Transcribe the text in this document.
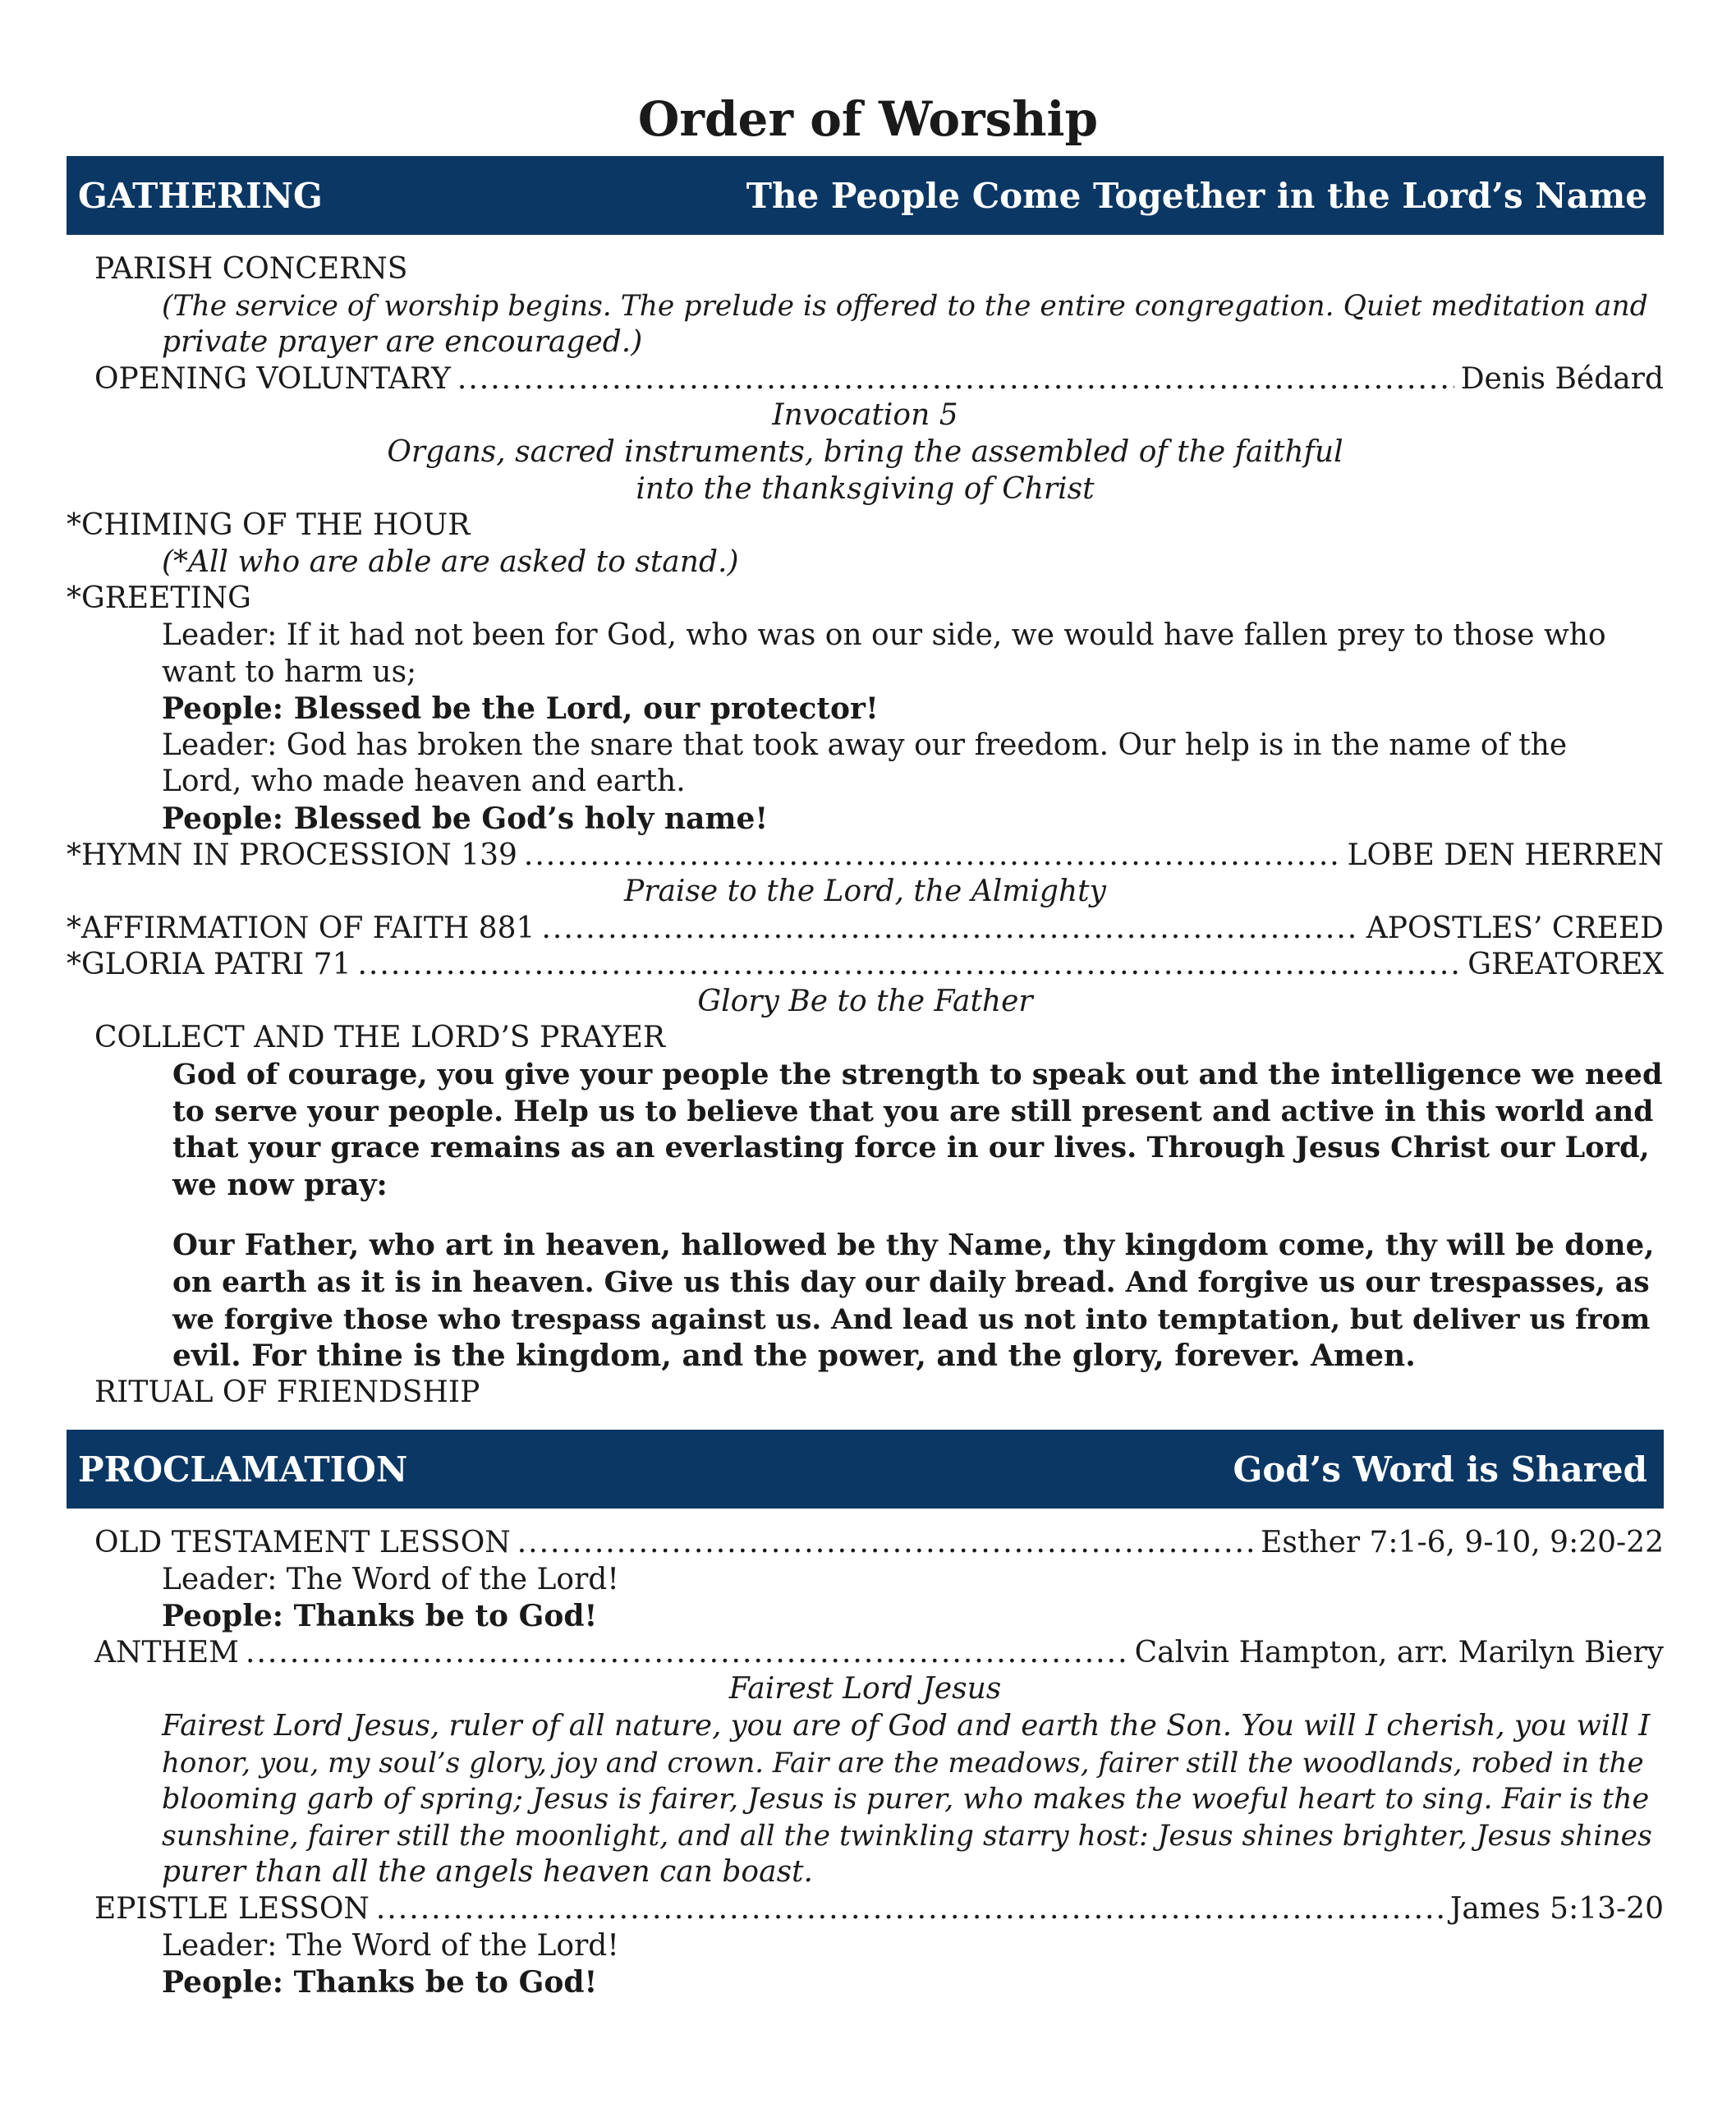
Order of Worship
GATHERING	The People Come Together in the Lord’s Name
PARISH CONCERNS
(The service of worship begins. The prelude is offered to the entire congregation. Quiet meditation and
private prayer are encouraged.)
OPENING VOLUNTARY .....	Denis Bédard
Invocation 5
Organs, sacred instruments, bring the assembled of the faithful
into the thanksgiving of Christ
*CHIMING OF THE HOUR
(*All who are able are asked to stand.)
*GREETING
Leader: If it had not been for God, who was on our side, we would have fallen prey to those who
want to harm us;
People: Blessed be the Lord, our protector!
Leader: God has broken the snare that took away our freedom. Our help is in the name of the
Lord, who made heaven and earth.
People: Blessed be God’s holy name!
*HYMN IN PROCESSION 139 .....	LOBE DEN HERREN
Praise to the Lord, the Almighty
*AFFIRMATION OF FAITH 881 .....	APOSTLES’ CREED
*GLORIA PATRI 71 .....	GREATOREX
Glory Be to the Father
COLLECT AND THE LORD’S PRAYER
God of courage, you give your people the strength to speak out and the intelligence we need
to serve your people. Help us to believe that you are still present and active in this world and
that your grace remains as an everlasting force in our lives. Through Jesus Christ our Lord,
we now pray:
Our Father, who art in heaven, hallowed be thy Name, thy kingdom come, thy will be done,
on earth as it is in heaven. Give us this day our daily bread. And forgive us our trespasses, as
we forgive those who trespass against us. And lead us not into temptation, but deliver us from
evil. For thine is the kingdom, and the power, and the glory, forever. Amen.
RITUAL OF FRIENDSHIP
PROCLAMATION	God’s Word is Shared
OLD TESTAMENT LESSON .....	Esther 7:1-6, 9-10, 9:20-22
Leader: The Word of the Lord!
People: Thanks be to God!
ANTHEM .....	Calvin Hampton, arr. Marilyn Biery
Fairest Lord Jesus
Fairest Lord Jesus, ruler of all nature, you are of God and earth the Son. You will I cherish, you will I
honor, you, my soul’s glory, joy and crown. Fair are the meadows, fairer still the woodlands, robed in the
blooming garb of spring; Jesus is fairer, Jesus is purer, who makes the woeful heart to sing. Fair is the
sunshine, fairer still the moonlight, and all the twinkling starry host: Jesus shines brighter, Jesus shines
purer than all the angels heaven can boast.
EPISTLE LESSON .....	James 5:13-20
Leader: The Word of the Lord!
People: Thanks be to God!
